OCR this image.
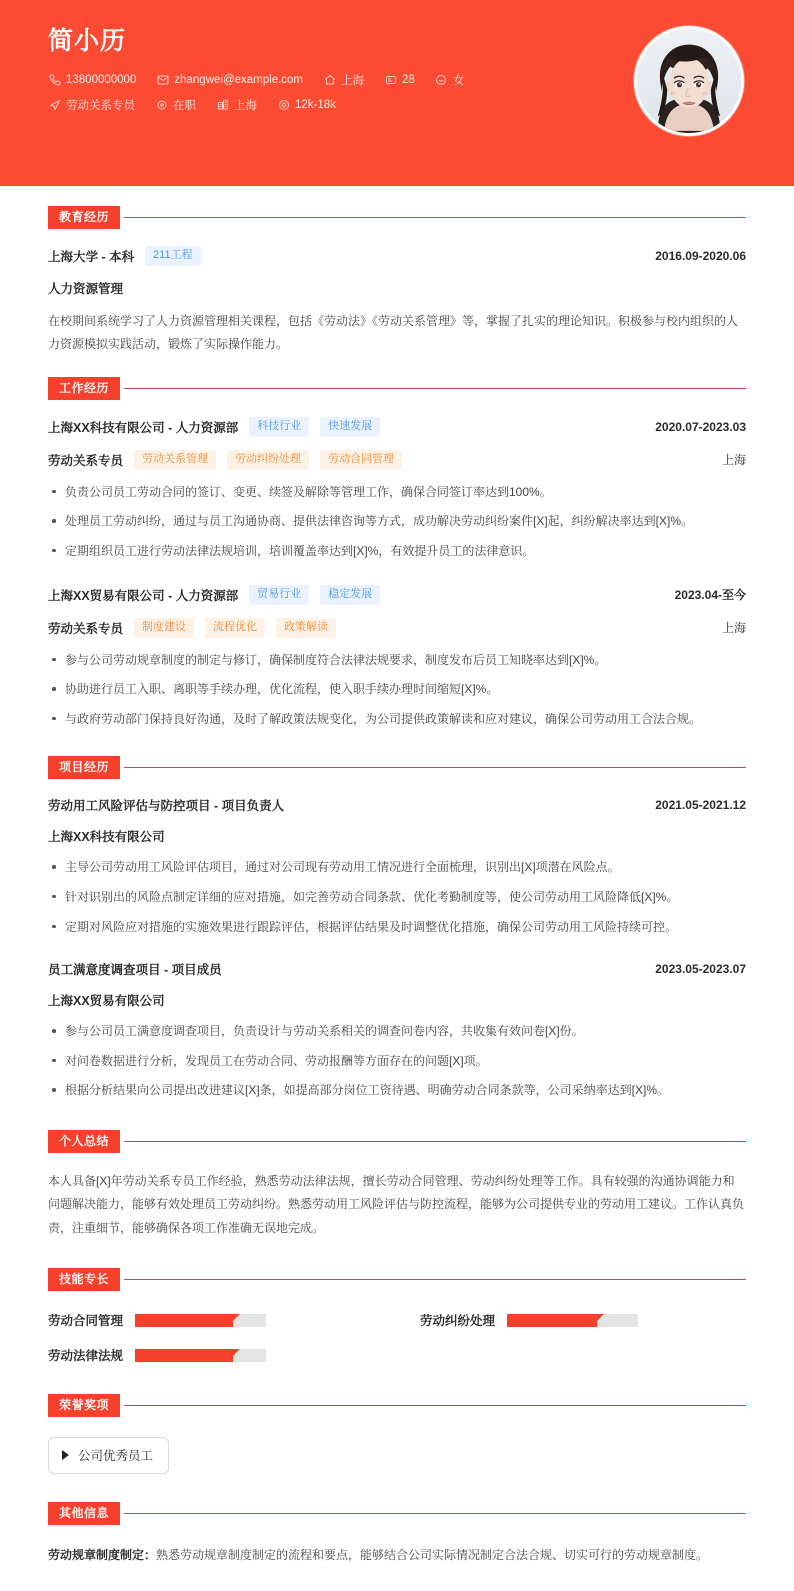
简小历
13800000000	zhangwei@example.com	上海	28	女
劳动关系专员	在职	上海	12k-18k
教育经历
上海大学 - 本科	211工程	2016.09-2020.06
人力资源管理

在校期间系统学习了人力资源管理相关课程，包括《劳动法》《劳动关系管理》等，掌握了扎实的理论知识。积极参与校内组织的人力资源模拟实践活动，锻炼了实际操作能力。

工作经历
上海XX科技有限公司 - 人力资源部	科技行业	快速发展	2020.07-2023.03
劳动关系专员	劳动关系管理	劳动纠纷处理	劳动合同管理	上海
负责公司员工劳动合同的签订、变更、续签及解除等管理工作，确保合同签订率达到100%。
处理员工劳动纠纷，通过与员工沟通协商、提供法律咨询等方式，成功解决劳动纠纷案件[X]起，纠纷解决率达到[X]%。
定期组织员工进行劳动法律法规培训，培训覆盖率达到[X]%，有效提升员工的法律意识。
上海XX贸易有限公司 - 人力资源部	贸易行业	稳定发展	2023.04-至今
劳动关系专员	制度建设	流程优化	政策解读	上海
参与公司劳动规章制度的制定与修订，确保制度符合法律法规要求，制度发布后员工知晓率达到[X]%。
协助进行员工入职、离职等手续办理，优化流程，使入职手续办理时间缩短[X]%。
与政府劳动部门保持良好沟通，及时了解政策法规变化，为公司提供政策解读和应对建议，确保公司劳动用工合法合规。
项目经历
劳动用工风险评估与防控项目 - 项目负责人	2021.05-2021.12
上海XX科技有限公司
主导公司劳动用工风险评估项目，通过对公司现有劳动用工情况进行全面梳理，识别出[X]项潜在风险点。
针对识别出的风险点制定详细的应对措施，如完善劳动合同条款、优化考勤制度等，使公司劳动用工风险降低[X]%。
定期对风险应对措施的实施效果进行跟踪评估，根据评估结果及时调整优化措施，确保公司劳动用工风险持续可控。
员工满意度调查项目 - 项目成员	2023.05-2023.07
上海XX贸易有限公司
参与公司员工满意度调查项目，负责设计与劳动关系相关的调查问卷内容，共收集有效问卷[X]份。
对问卷数据进行分析，发现员工在劳动合同、劳动报酬等方面存在的问题[X]项。
根据分析结果向公司提出改进建议[X]条，如提高部分岗位工资待遇、明确劳动合同条款等，公司采纳率达到[X]%。
个人总结

本人具备[X]年劳动关系专员工作经验，熟悉劳动法律法规，擅长劳动合同管理、劳动纠纷处理等工作。具有较强的沟通协调能力和问题解决能力，能够有效处理员工劳动纠纷。熟悉劳动用工风险评估与防控流程，能够为公司提供专业的劳动用工建议。工作认真负责，注重细节，能够确保各项工作准确无误地完成。

技能专长
劳动合同管理	劳动纠纷处理
劳动法律法规
荣誉奖项
公司优秀员工
其他信息
劳动规章制度制定：熟悉劳动规章制度制定的流程和要点，能够结合公司实际情况制定合法合规、切实可行的劳动规章制度。
